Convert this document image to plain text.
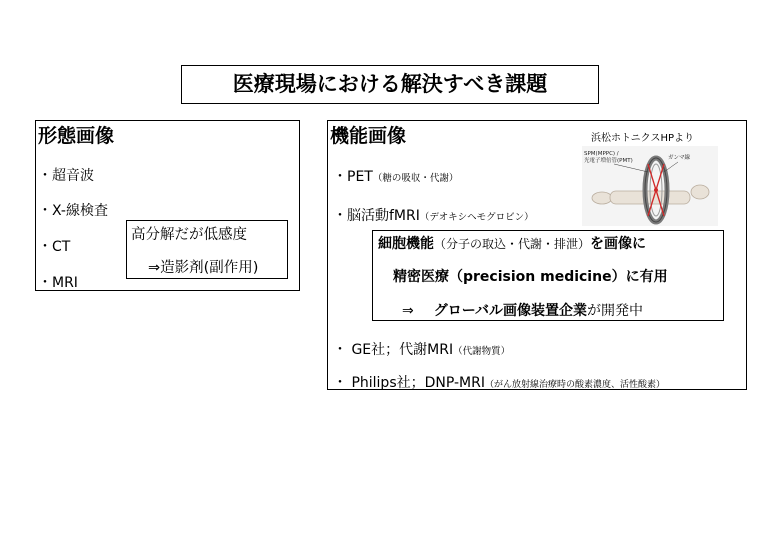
医療現場における解決すべき課題
形態画像
・超音波
・X-線検査
・CT
・MRI
高分解だが低感度
⇒造影剤(副作用)
機能画像	浜松ホトニクスHPより
SPM(MPPC) /
光電子増倍管(PMT)	ガンマ線
・PET（糖の吸収・代謝）
・脳活動fMRI（デオキシヘモグロビン）
細胞機能（分子の取込・代謝・排泄）を画像に
精密医療（precision medicine）に有用
⇒ グローバル画像装置企業が開発中
・ GE社；代謝MRI（代謝物質）
・ Philips社；DNP-MRI（がん放射線治療時の酸素濃度、活性酸素）
